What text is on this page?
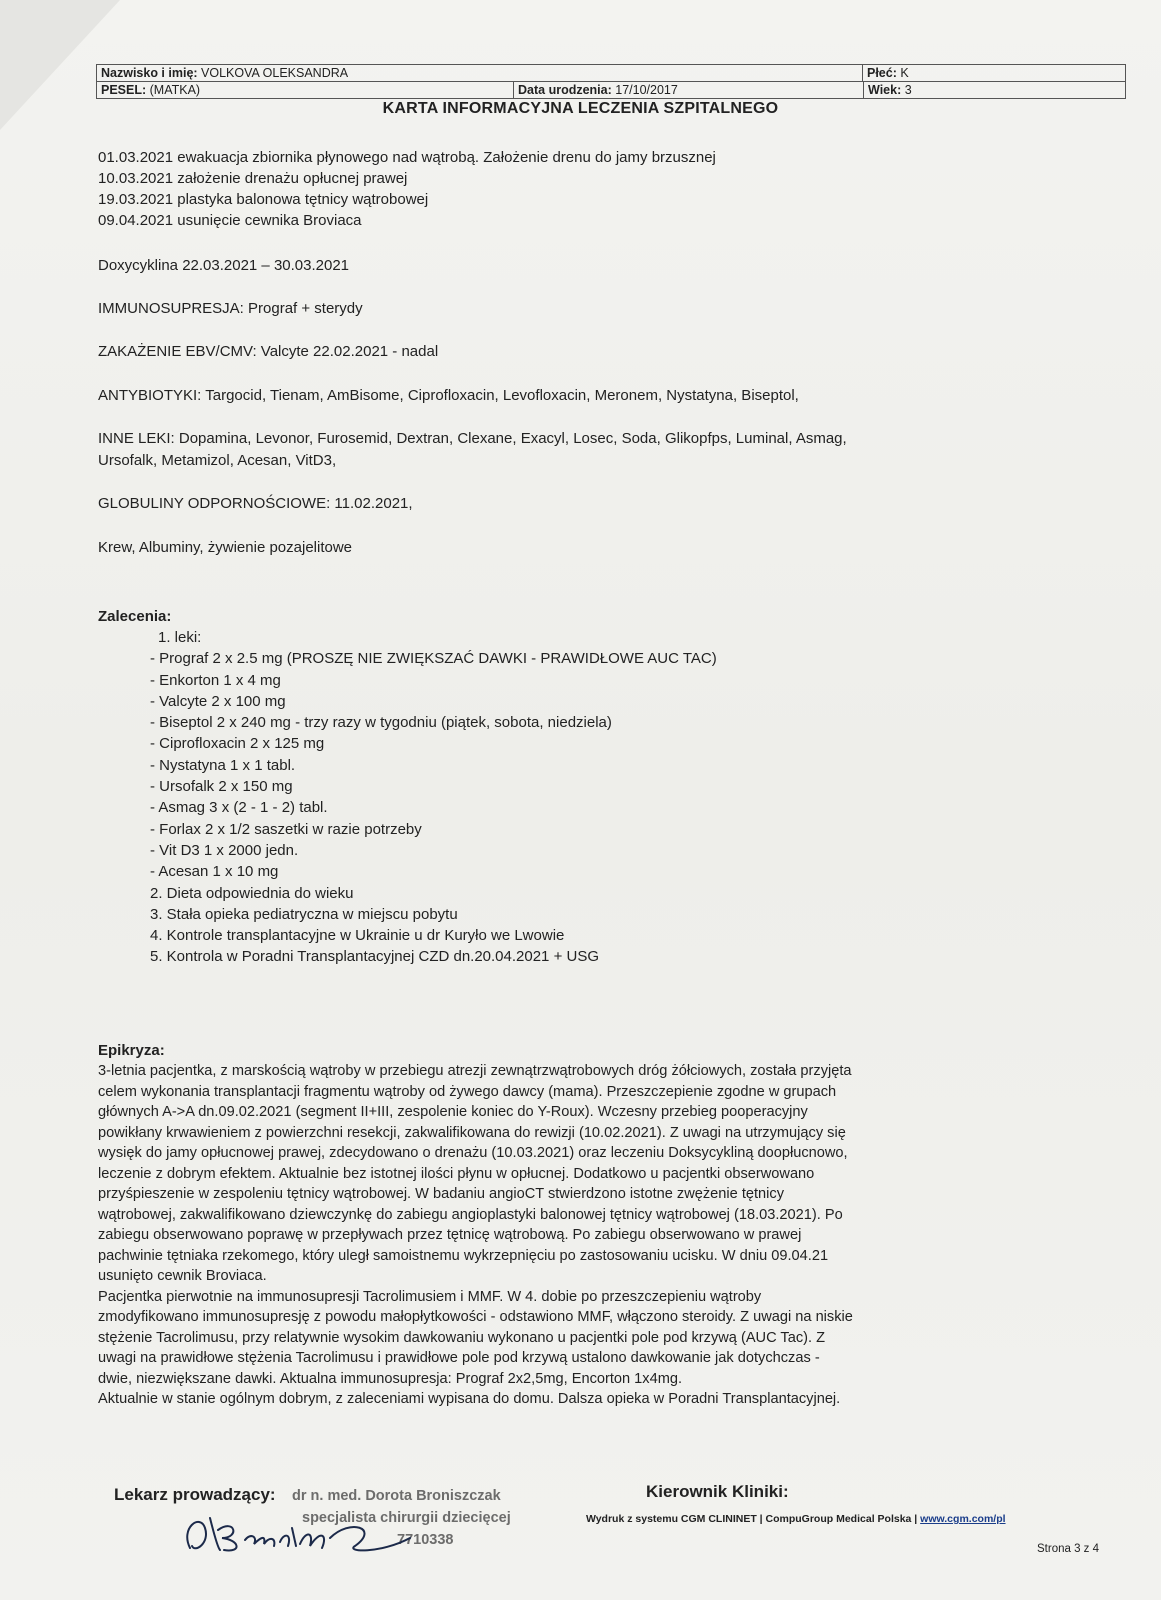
Nazwisko i imię: VOLKOVA OLEKSANDRA	Płeć: K
PESEL: (MATKA)	Data urodzenia: 17/10/2017	Wiek: 3
KARTA INFORMACYJNA LECZENIA SZPITALNEGO
01.03.2021 ewakuacja zbiornika płynowego nad wątrobą. Założenie drenu do jamy brzusznej
10.03.2021 założenie drenażu opłucnej prawej
19.03.2021 plastyka balonowa tętnicy wątrobowej
09.04.2021 usunięcie cewnika Broviaca
Doxycyklina 22.03.2021 – 30.03.2021
IMMUNOSUPRESJA: Prograf + sterydy
ZAKAŻENIE EBV/CMV: Valcyte 22.02.2021 - nadal
ANTYBIOTYKI: Targocid, Tienam, AmBisome, Ciprofloxacin, Levofloxacin, Meronem, Nystatyna, Biseptol,
INNE LEKI: Dopamina, Levonor, Furosemid, Dextran, Clexane, Exacyl, Losec, Soda, Glikopfps, Luminal, Asmag,
Ursofalk, Metamizol, Acesan, VitD3,
GLOBULINY ODPORNOŚCIOWE: 11.02.2021,
Krew, Albuminy, żywienie pozajelitowe
Zalecenia:
1. leki:
- Prograf 2 x 2.5 mg (PROSZĘ NIE ZWIĘKSZAĆ DAWKI - PRAWIDŁOWE AUC TAC)
- Enkorton 1 x 4 mg
- Valcyte 2 x 100 mg
- Biseptol 2 x 240 mg - trzy razy w tygodniu (piątek, sobota, niedziela)
- Ciprofloxacin 2 x 125 mg
- Nystatyna 1 x 1 tabl.
- Ursofalk 2 x 150 mg
- Asmag 3 x (2 - 1 - 2) tabl.
- Forlax 2 x 1/2 saszetki w razie potrzeby
- Vit D3 1 x 2000 jedn.
- Acesan 1 x 10 mg
2. Dieta odpowiednia do wieku
3. Stała opieka pediatryczna w miejscu pobytu
4. Kontrole transplantacyjne w Ukrainie u dr Kuryło we Lwowie
5. Kontrola w Poradni Transplantacyjnej CZD dn.20.04.2021 + USG
Epikryza:
3-letnia pacjentka, z marskością wątroby w przebiegu atrezji zewnątrzwątrobowych dróg żółciowych, została przyjęta
celem wykonania transplantacji fragmentu wątroby od żywego dawcy (mama). Przeszczepienie zgodne w grupach
głównych A->A dn.09.02.2021 (segment II+III, zespolenie koniec do Y-Roux). Wczesny przebieg pooperacyjny
powikłany krwawieniem z powierzchni resekcji, zakwalifikowana do rewizji (10.02.2021). Z uwagi na utrzymujący się
wysięk do jamy opłucnowej prawej, zdecydowano o drenażu (10.03.2021) oraz leczeniu Doksycykliną doopłucnowo,
leczenie z dobrym efektem. Aktualnie bez istotnej ilości płynu w opłucnej. Dodatkowo u pacjentki obserwowano
przyśpieszenie w zespoleniu tętnicy wątrobowej. W badaniu angioCT stwierdzono istotne zwężenie tętnicy
wątrobowej, zakwalifikowano dziewczynkę do zabiegu angioplastyki balonowej tętnicy wątrobowej (18.03.2021). Po
zabiegu obserwowano poprawę w przepływach przez tętnicę wątrobową. Po zabiegu obserwowano w prawej
pachwinie tętniaka rzekomego, który uległ samoistnemu wykrzepnięciu po zastosowaniu ucisku. W dniu 09.04.21
usunięto cewnik Broviaca.
Pacjentka pierwotnie na immunosupresji Tacrolimusiem i MMF. W 4. dobie po przeszczepieniu wątroby
zmodyfikowano immunosupresję z powodu małopłytkowości - odstawiono MMF, włączono steroidy. Z uwagi na niskie
stężenie Tacrolimusu, przy relatywnie wysokim dawkowaniu wykonano u pacjentki pole pod krzywą (AUC Tac). Z
uwagi na prawidłowe stężenia Tacrolimusu i prawidłowe pole pod krzywą ustalono dawkowanie jak dotychczas -
dwie, niezwiększane dawki. Aktualna immunosupresja: Prograf 2x2,5mg, Encorton 1x4mg.
Aktualnie w stanie ogólnym dobrym, z zaleceniami wypisana do domu. Dalsza opieka w Poradni Transplantacyjnej.
Lekarz prowadzący: dr n. med. Dorota Broniszczak
specjalista chirurgii dziecięcej
7710338
Kierownik Kliniki:
Wydruk z systemu CGM CLININET | CompuGroup Medical Polska | www.cgm.com/pl
Strona 3 z 4
